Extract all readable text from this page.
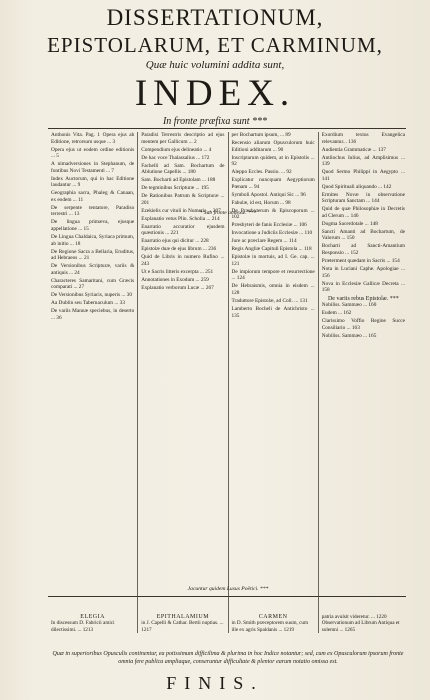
DISSERTATIONUM,
EPISTOLARUM, ET CARMINUM,
Quæ huic volumini addita sunt,
INDEX.
In fronte præfixa sunt ***

Anthonis Vita. Pag. 1 Opera ejus ab Editione, retrorsum usque ... 3

Opera ejus ut eodem ordine editionis ... 5

A nimadversiones in Stephanum, de fontibus Novi Testamenti ... 7

Index Auctorum, qui in hac Editione laudantur ... 9

Geographia sacra, Phaleg & Canaan, ex eodem ... 11

De serpente tentatore, Paradiso terrestri ... 13

De lingua primæva, ejusque appellatione ... 15

De Lingua Chaldaica, Syriaca primum, ab initio ... 18

De Regione Sacra a Bellaria, Eruditus, ad Hebraeos ... 21

De Versionibus Scripturæ, variis & antiquis ... 24

Characteres Samaritani, cum Græcis comparati ... 27

De Versionibus Syriacis, nuperis ... 30

Aa Dublin seu Tabernaculum ... 33

De variis Mannæ speciebus, in deserto ... 36

Paradisi Terrestris descriptio ad ejus mentem per Gallicum ... 2

Compendium ejus delineatio ... 4

De hac voce Thalassalius ... 172

Fachelli ad Sam. Bochartum de Ablutione Capellis ... 180

Sam. Bocharti ad Epistolam ... 188

De tegminibus Scripturæ ... 195

De Rationibus Patrum & Scripturæ ... 201

Ezekielis cur vituli in Numeris ... 207

Explanatio vetus Plin. Scholia ... 214

Enarratio accuratior ejusdem quæstionis ... 221

Enarratio ejus qui dicitur ... 228

Epistolæ duæ de ejus librum ... 236

Quid de Libris in numero Rufino ... 243

Ut e Sacris litteris excerpta ... 251

Annotationes in Exodum ... 259

Explanatio verborum Lucæ ... 267

per Bochartum ipsum, ... 89

Recensio aliarum Opusculorum huic Editioni additarum ... 90

Inscriptarum quidem, at in Epistolis ... 92

Aleppo Eccles. Passio. ... 92

Explicatur nuncquam Aegyptiorum Pœnam ... 94

Symboli Apostol. Antiqui Sic ... 96

Fabulæ, id est, Horum ... 98

De Præsbyterum & Episcoporum ... 102

Præsbyteri de fanis Ecclesiæ ... 106

Invocatione a Judiciis Ecclesiæ ... 110

Jure ac præclare Regem ... 114

Regis Angliæ Capituli Epistola ... 118

Epistolæ in mortuis, ad I. Ge. cap. ... 121

De impiorum tempore et resurrectione ... 124

De Hebraismis, omnia in eisdem ... 128

Traduttore Epistolæ, ad Coll. ... 131

Lamberto Bocheli de Antichristo ... 135

Exordium textus Evangelica relevantur... 136

Audientia Grammaticæ ... 137

Antilochus Iulius, ad Amplisimus ... 139

Quod Sermo Philippi in Aegypto ... 141

Quod Spirituali aliquando ... 142

Ermites Novæ in observatione Scripturam Sanctam ... 144

Quid de quæ Philosophiæ in Decretis ad Clerum ... 146

Dogma Sacerdotale ... 148

Sancti Amanti ad Bochartum, de Valorum ... 150

Bocharti ad Sancti-Amantium Responsio ... 152

Præterment quædam in Sacris ... 154

Nota in Luciani Caphe. Apologiae ... 156

Nova in Ecclesiæ Gallicæ Decreta ... 158

De variis rebus Epistolæ. ***

Nobiliss. Sammæo ... 160

Eudem ... 162

Clarissimo Voffio Regine Succe Consiliario ... 163

Nobiliss. Sammæo ... 165

* Sub fronte annexæ. ***
Jacuntur quidem Lusus Poëtici. ***
ELEGIA
In discessum D. Fabricii amici dilectissimi. ... 1213
EPITHALAMIUM
in J. Capelli & Cathar. Bertii nuptias. ... 1217
CARMEN
in D. Smith præceptorem suum, cum ille ex agris Spaldanis ... 1219
patria avulsit videretur. ... 1220 Observationum ad Librum Antiqua et solemni ... 1265
Quæ in superioribus Opusculis continentur, ea potissimum difficilima & plurima in hoc Indice notantur; sed, cum ex Opusculorum ipsorum fronte omnia fere publica ampliaque, conseruntur difficultate & plenior earum notatio omissa est.
FINIS.
